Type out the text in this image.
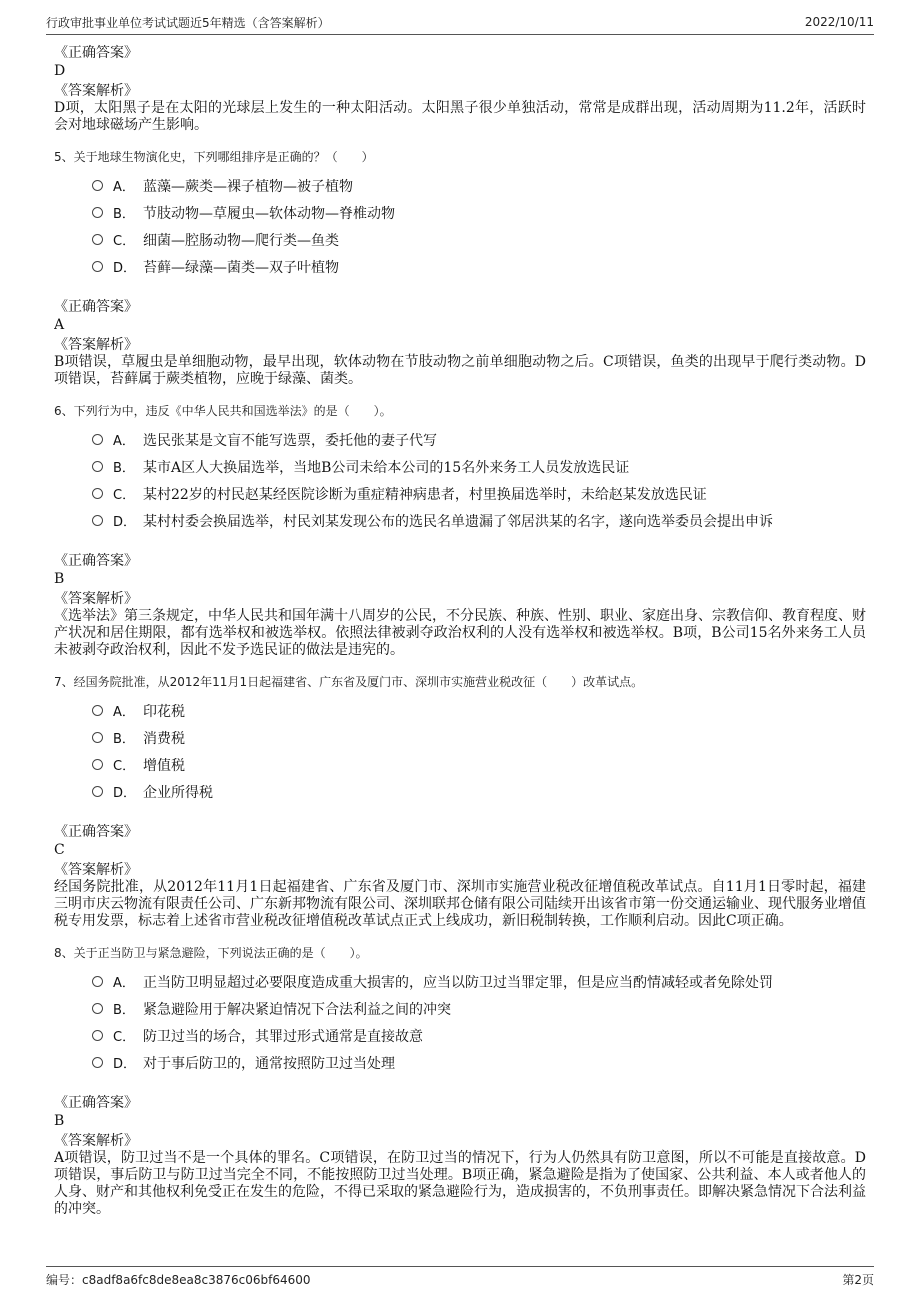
行政审批事业单位考试试题近5年精选（含答案解析）	2022/10/11
《正确答案》
D
《答案解析》
D项，太阳黑子是在太阳的光球层上发生的一种太阳活动。太阳黑子很少单独活动，常常是成群出现，活动周期为11.2年，活跃时会对地球磁场产生影响。
5、关于地球生物演化史，下列哪组排序是正确的？（　　）
A． 蓝藻—蕨类—裸子植物—被子植物
B． 节肢动物—草履虫—软体动物—脊椎动物
C． 细菌—腔肠动物—爬行类—鱼类
D． 苔藓—绿藻—菌类—双子叶植物
《正确答案》
A
《答案解析》
B项错误，草履虫是单细胞动物，最早出现，软体动物在节肢动物之前单细胞动物之后。C项错误，鱼类的出现早于爬行类动物。D项错误，苔藓属于蕨类植物，应晚于绿藻、菌类。
6、下列行为中，违反《中华人民共和国选举法》的是（　　）。
A． 选民张某是文盲不能写选票，委托他的妻子代写
B． 某市A区人大换届选举，当地B公司未给本公司的15名外来务工人员发放选民证
C． 某村22岁的村民赵某经医院诊断为重症精神病患者，村里换届选举时，未给赵某发放选民证
D． 某村村委会换届选举，村民刘某发现公布的选民名单遗漏了邻居洪某的名字，遂向选举委员会提出申诉
《正确答案》
B
《答案解析》
《选举法》第三条规定，中华人民共和国年满十八周岁的公民，不分民族、种族、性别、职业、家庭出身、宗教信仰、教育程度、财产状况和居住期限，都有选举权和被选举权。依照法律被剥夺政治权利的人没有选举权和被选举权。B项，B公司15名外来务工人员未被剥夺政治权利，因此不发予选民证的做法是违宪的。
7、经国务院批准，从2012年11月1日起福建省、广东省及厦门市、深圳市实施营业税改征（　　）改革试点。
A． 印花税
B． 消费税
C． 增值税
D． 企业所得税
《正确答案》
C
《答案解析》
经国务院批准，从2012年11月1日起福建省、广东省及厦门市、深圳市实施营业税改征增值税改革试点。自11月1日零时起，福建三明市庆云物流有限责任公司、广东新邦物流有限公司、深圳联邦仓储有限公司陆续开出该省市第一份交通运输业、现代服务业增值税专用发票，标志着上述省市营业税改征增值税改革试点正式上线成功，新旧税制转换，工作顺利启动。因此C项正确。
8、关于正当防卫与紧急避险，下列说法正确的是（　　）。
A． 正当防卫明显超过必要限度造成重大损害的，应当以防卫过当罪定罪，但是应当酌情减轻或者免除处罚
B． 紧急避险用于解决紧迫情况下合法利益之间的冲突
C． 防卫过当的场合，其罪过形式通常是直接故意
D． 对于事后防卫的，通常按照防卫过当处理
《正确答案》
B
《答案解析》
A项错误，防卫过当不是一个具体的罪名。C项错误，在防卫过当的情况下，行为人仍然具有防卫意图，所以不可能是直接故意。D项错误，事后防卫与防卫过当完全不同，不能按照防卫过当处理。B项正确，紧急避险是指为了使国家、公共利益、本人或者他人的人身、财产和其他权利免受正在发生的危险，不得已采取的紧急避险行为，造成损害的，不负刑事责任。即解决紧急情况下合法利益的冲突。
编号：c8adf8a6fc8de8ea8c3876c06bf64600	第2页
